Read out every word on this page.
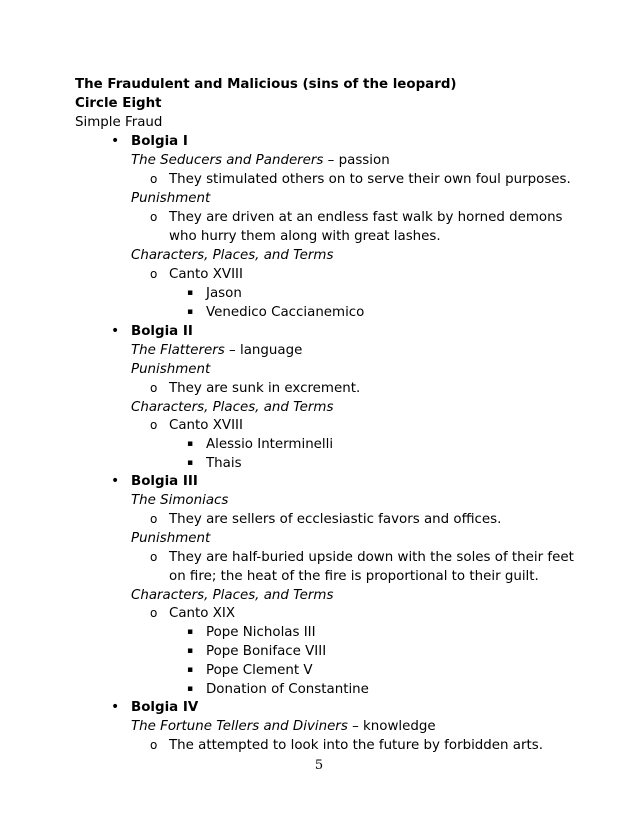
The Fraudulent and Malicious (sins of the leopard)
Circle Eight
Simple Fraud
• Bolgia I
The Seducers and Panderers – passion
o They stimulated others on to serve their own foul purposes.
Punishment
o They are driven at an endless fast walk by horned demons
who hurry them along with great lashes.
Characters, Places, and Terms
o Canto XVIII
▪ Jason
▪ Venedico Caccianemico
• Bolgia II
The Flatterers – language
Punishment
o They are sunk in excrement.
Characters, Places, and Terms
o Canto XVIII
▪ Alessio Interminelli
▪ Thais
• Bolgia III
The Simoniacs
o They are sellers of ecclesiastic favors and offices.
Punishment
o They are half-buried upside down with the soles of their feet
on fire; the heat of the fire is proportional to their guilt.
Characters, Places, and Terms
o Canto XIX
▪ Pope Nicholas III
▪ Pope Boniface VIII
▪ Pope Clement V
▪ Donation of Constantine
• Bolgia IV
The Fortune Tellers and Diviners – knowledge
o The attempted to look into the future by forbidden arts.
5
